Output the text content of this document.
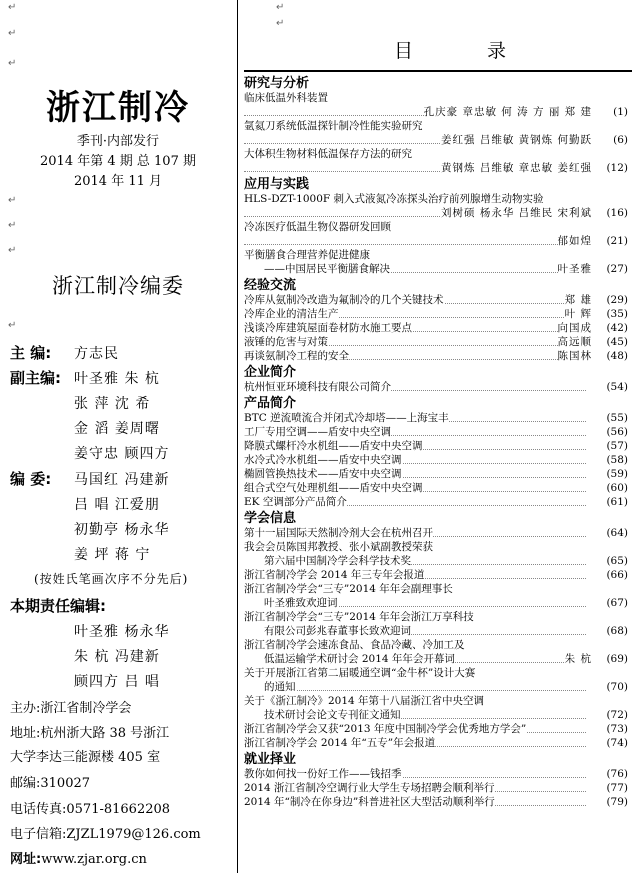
↵
↵
↵
浙江制冷
季刊·内部发行
2014 年第 4 期 总 107 期
2014 年 11 月
↵
↵
↵
浙江制冷编委
↵
主 编: 方志民
副主编: 叶圣雅 朱 杭
张 萍 沈 希
金 滔 姜周曙
姜守忠 顾四方
编 委: 马国红 冯建新
吕 唱 江爱朋
初勤亭 杨永华
姜 坪 蒋 宁
(按姓氏笔画次序不分先后)
本期责任编辑:
叶圣雅 杨永华
朱 杭 冯建新
顾四方 吕 唱
主办:浙江省制冷学会
地址:杭州浙大路 38 号浙江
大学李达三能源楼 405 室
邮编:310027
电话传真:0571-81662208
电子信箱:ZJZL1979@126.com
网址:www.zjar.org.cn
↵
↵
目 录
研究与分析
临床低温外科装置
孔庆豪 章忠敏 何 涛 方 丽 郑 建 (1)
氩氦刀系统低温探针制冷性能实验研究
姜红强 吕维敏 黄钢炼 何勤跃 (6)
大体积生物材料低温保存方法的研究
黄钢炼 吕维敏 章忠敏 姜红强 (12)
应用与实践
HLS-DZT-1000F 刺入式液氮冷冻探头治疗前列腺增生动物实验
刘树硕 杨永华 吕维民 宋利斌 (16)
冷冻医疗低温生物仪器研发回顾
郁如煌 (21)
平衡膳食合理营养促进健康
——中国居民平衡膳食解决	叶圣雅 (27)
经验交流
冷库从氨制冷改造为氟制冷的几个关键技术	郑 雄 (29)
冷库企业的清洁生产	叶 辉 (35)
浅谈冷库建筑屋面卷材防水施工要点	向国成 (42)
液锤的危害与对策	高远顺 (45)
再谈氨制冷工程的安全	陈国林 (48)
企业简介
杭州恒亚环境科技有限公司简介	(54)
产品简介
BTC 逆流喷流合并闭式冷却塔——上海宝丰	(55)
工厂专用空调——盾安中央空调	(56)
降膜式螺杆冷水机组——盾安中央空调	(57)
水冷式冷水机组——盾安中央空调	(58)
椭圆管换热技术——盾安中央空调	(59)
组合式空气处理机组——盾安中央空调	(60)
EK 空调部分产品简介	(61)
学会信息
第十一届国际天然制冷剂大会在杭州召开	(64)
我会会员陈国邦教授、张小斌副教授荣获
第六届中国制冷学会科学技术奖	(65)
浙江省制冷学会 2014 年三专年会报道	(66)
浙江省制冷学会“三专”2014 年年会副理事长
叶圣雅致欢迎词	(67)
浙江省制冷学会“三专”2014 年年会浙江万享科技
有限公司彭兆春董事长致欢迎词	(68)
浙江省制冷学会速冻食品、食品冷藏、冷加工及
低温运输学术研讨会 2014 年年会开幕词	朱 杭 (69)
关于开展浙江省第二届暖通空调“金牛杯”设计大赛
的通知	(70)
关于《浙江制冷》2014 年第十八届浙江省中央空调
技术研讨会论文专刊征文通知	(72)
浙江省制冷学会又获“2013 年度中国制冷学会优秀地方学会”	(73)
浙江省制冷学会 2014 年“五专”年会报道	(74)
就业择业
教你如何找一份好工作——钱招季	(76)
2014 浙江省制冷空调行业大学生专场招聘会顺利举行	(77)
2014 年“制冷在你身边”科普进社区大型活动顺利举行	(79)
